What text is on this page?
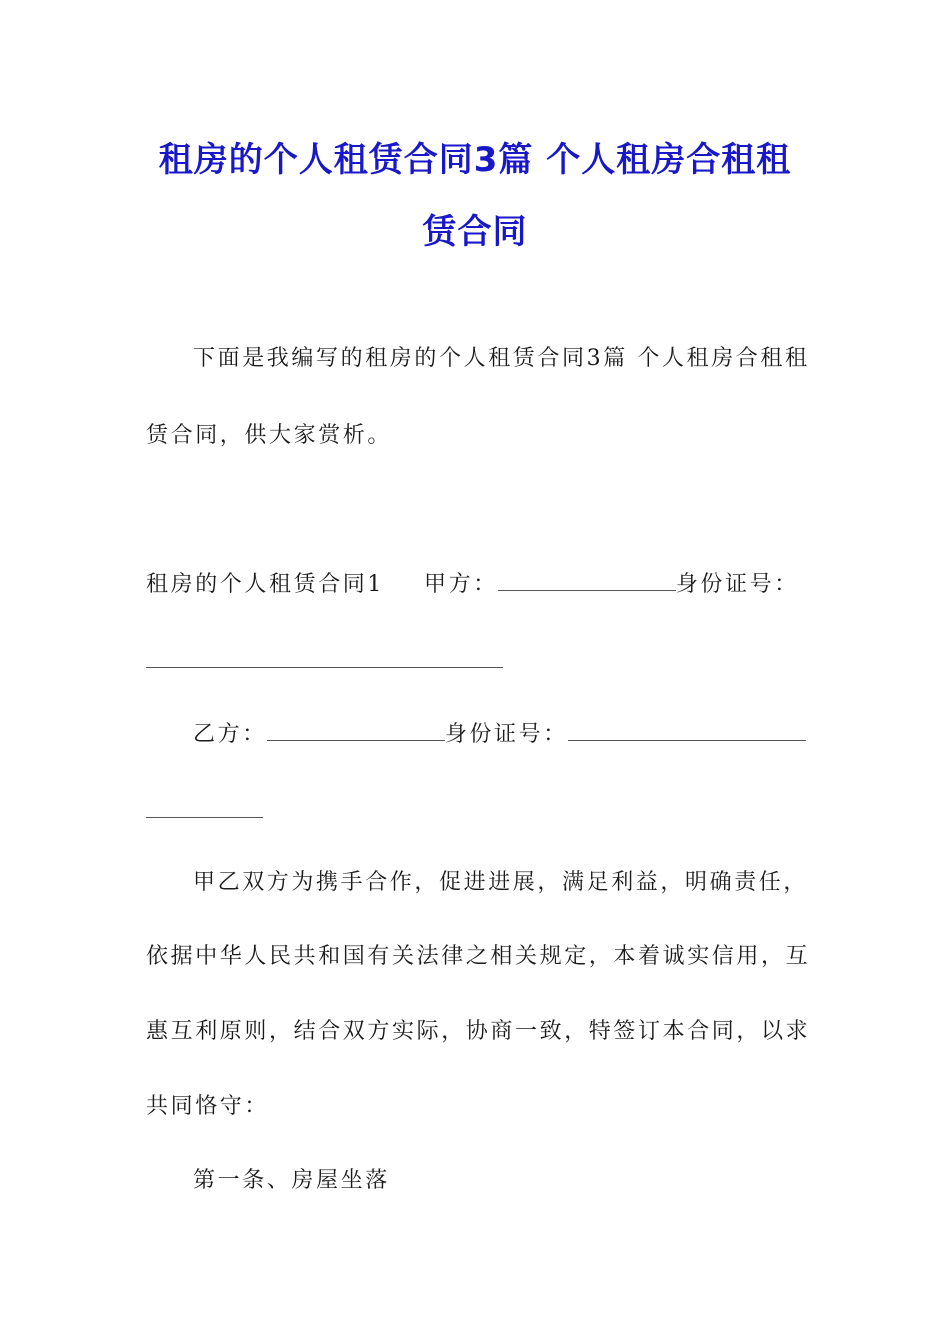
租房的个人租赁合同3篇 个人租房合租租
赁合同
下面是我编写的租房的个人租赁合同3篇 个人租房合租租
赁合同，供大家赏析。
租房的个人租赁合同1 甲方：	身份证号：
乙方：	身份证号：
甲乙双方为携手合作，促进进展，满足利益，明确责任，
依据中华人民共和国有关法律之相关规定，本着诚实信用，互
惠互利原则，结合双方实际，协商一致，特签订本合同，以求
共同恪守：
第一条、房屋坐落
